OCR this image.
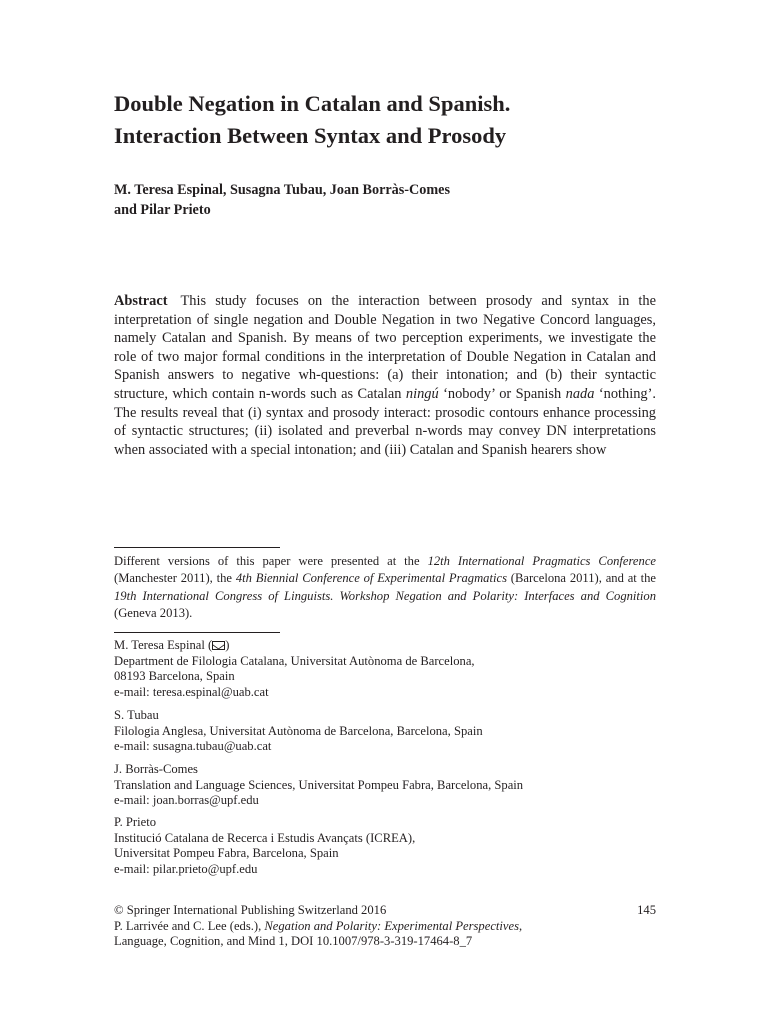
Double Negation in Catalan and Spanish.
Interaction Between Syntax and Prosody
M. Teresa Espinal, Susagna Tubau, Joan Borràs-Comes
and Pilar Prieto
Abstract This study focuses on the interaction between prosody and syntax in the interpretation of single negation and Double Negation in two Negative Concord languages, namely Catalan and Spanish. By means of two perception experiments, we investigate the role of two major formal conditions in the interpretation of Double Negation in Catalan and Spanish answers to negative wh-questions: (a) their intonation; and (b) their syntactic structure, which contain n-words such as Catalan ningú ‘nobody’ or Spanish nada ‘nothing’. The results reveal that (i) syntax and prosody interact: prosodic contours enhance processing of syntactic structures; (ii) isolated and preverbal n-words may convey DN interpretations when associated with a special intonation; and (iii) Catalan and Spanish hearers show
Different versions of this paper were presented at the 12th International Pragmatics Conference (Manchester 2011), the 4th Biennial Conference of Experimental Pragmatics (Barcelona 2011), and at the 19th International Congress of Linguists. Workshop Negation and Polarity: Interfaces and Cognition (Geneva 2013).
M. Teresa Espinal ( )
Department de Filologia Catalana, Universitat Autònoma de Barcelona,
08193 Barcelona, Spain
e-mail: teresa.espinal@uab.cat
S. Tubau
Filologia Anglesa, Universitat Autònoma de Barcelona, Barcelona, Spain
e-mail: susagna.tubau@uab.cat
J. Borràs-Comes
Translation and Language Sciences, Universitat Pompeu Fabra, Barcelona, Spain
e-mail: joan.borras@upf.edu
P. Prieto
Institució Catalana de Recerca i Estudis Avançats (ICREA),
Universitat Pompeu Fabra, Barcelona, Spain
e-mail: pilar.prieto@upf.edu
© Springer International Publishing Switzerland 2016
P. Larrivée and C. Lee (eds.), Negation and Polarity: Experimental Perspectives,
Language, Cognition, and Mind 1, DOI 10.1007/978-3-319-17464-8_7
145
